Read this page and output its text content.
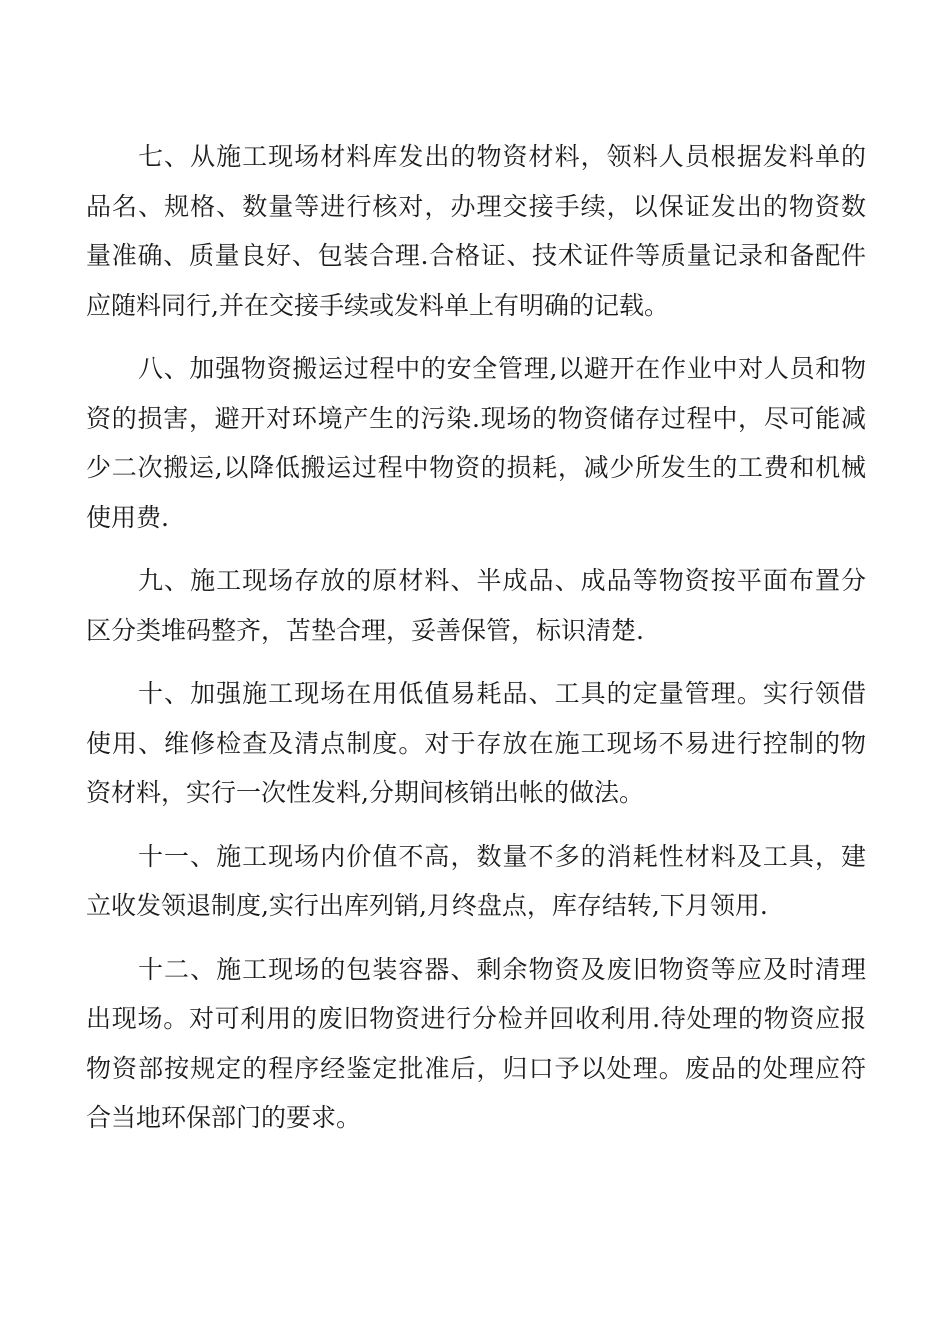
七、从施工现场材料库发出的物资材料，领料人员根据发料单的
品名、规格、数量等进行核对，办理交接手续，以保证发出的物资数
量准确、质量良好、包装合理.合格证、技术证件等质量记录和备配件
应随料同行,并在交接手续或发料单上有明确的记载。
八、加强物资搬运过程中的安全管理,以避开在作业中对人员和物
资的损害，避开对环境产生的污染.现场的物资储存过程中，尽可能减
少二次搬运,以降低搬运过程中物资的损耗，减少所发生的工费和机械
使用费.
九、施工现场存放的原材料、半成品、成品等物资按平面布置分
区分类堆码整齐，苫垫合理，妥善保管，标识清楚.
十、加强施工现场在用低值易耗品、工具的定量管理。实行领借
使用、维修检查及清点制度。对于存放在施工现场不易进行控制的物
资材料，实行一次性发料,分期间核销出帐的做法。
十一、施工现场内价值不高，数量不多的消耗性材料及工具，建
立收发领退制度,实行出库列销,月终盘点，库存结转,下月领用.
十二、施工现场的包装容器、剩余物资及废旧物资等应及时清理
出现场。对可利用的废旧物资进行分检并回收利用.待处理的物资应报
物资部按规定的程序经鉴定批准后，归口予以处理。废品的处理应符
合当地环保部门的要求。
